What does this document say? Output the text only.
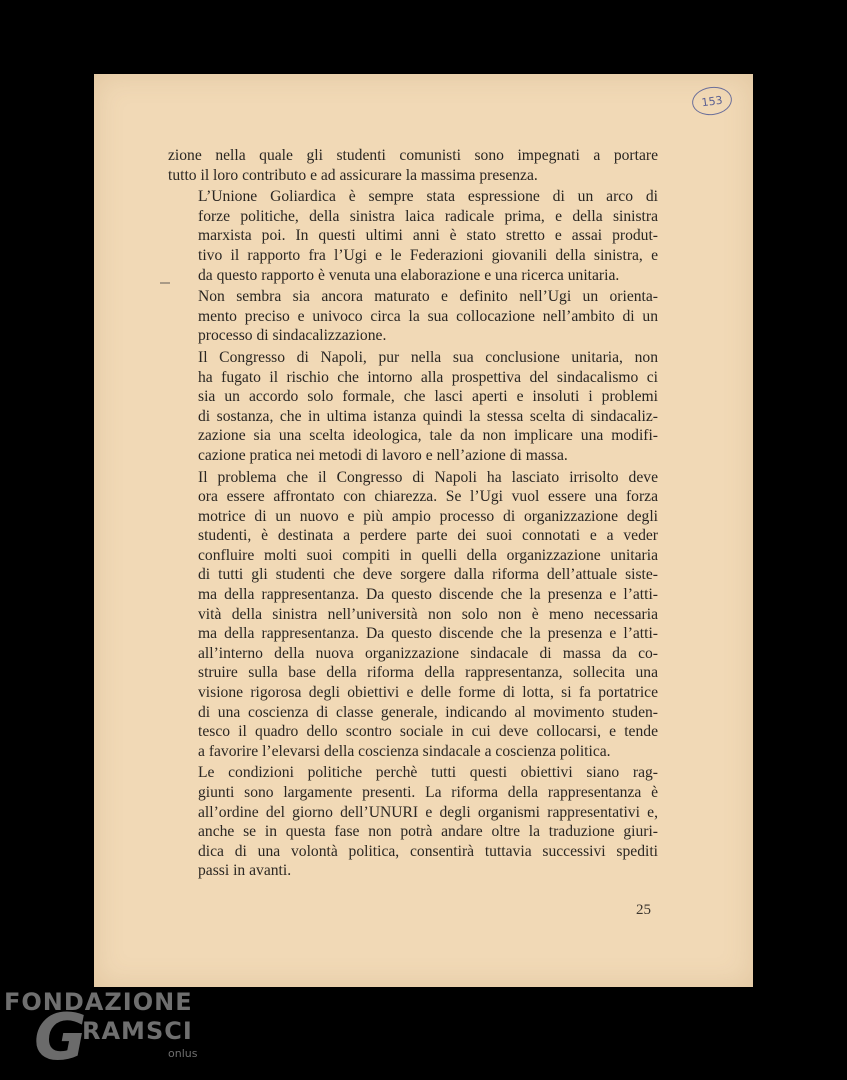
153

zione nella quale gli studenti comunisti sono impegnati a portare
tutto il loro contributo e ad assicurare la massima presenza.

L’Unione Goliardica è sempre stata espressione di un arco di
forze politiche, della sinistra laica radicale prima, e della sinistra
marxista poi. In questi ultimi anni è stato stretto e assai produt-
tivo il rapporto fra l’Ugi e le Federazioni giovanili della sinistra, e
da questo rapporto è venuta una elaborazione e una ricerca unitaria.

Non sembra sia ancora maturato e definito nell’Ugi un orienta-
mento preciso e univoco circa la sua collocazione nell’ambito di un
processo di sindacalizzazione.

Il Congresso di Napoli, pur nella sua conclusione unitaria, non
ha fugato il rischio che intorno alla prospettiva del sindacalismo ci
sia un accordo solo formale, che lasci aperti e insoluti i problemi
di sostanza, che in ultima istanza quindi la stessa scelta di sindacaliz-
zazione sia una scelta ideologica, tale da non implicare una modifi-
cazione pratica nei metodi di lavoro e nell’azione di massa.

Il problema che il Congresso di Napoli ha lasciato irrisolto deve
ora essere affrontato con chiarezza. Se l’Ugi vuol essere una forza
motrice di un nuovo e più ampio processo di organizzazione degli
studenti, è destinata a perdere parte dei suoi connotati e a veder
confluire molti suoi compiti in quelli della organizzazione unitaria
di tutti gli studenti che deve sorgere dalla riforma dell’attuale siste-
ma della rappresentanza. Da questo discende che la presenza e l’atti-
vità della sinistra nell’università non solo non è meno necessaria
ma della rappresentanza. Da questo discende che la presenza e l’atti-
all’interno della nuova organizzazione sindacale di massa da co-
struire sulla base della riforma della rappresentanza, sollecita una
visione rigorosa degli obiettivi e delle forme di lotta, si fa portatrice
di una coscienza di classe generale, indicando al movimento studen-
tesco il quadro dello scontro sociale in cui deve collocarsi, e tende
a favorire l’elevarsi della coscienza sindacale a coscienza politica.

Le condizioni politiche perchè tutti questi obiettivi siano rag-
giunti sono largamente presenti. La riforma della rappresentanza è
all’ordine del giorno dell’UNURI e degli organismi rappresentativi e,
anche se in questa fase non potrà andare oltre la traduzione giuri-
dica di una volontà politica, consentirà tuttavia successivi spediti
passi in avanti.

25
FONDAZIONE
G
RAMSCI
onlus
